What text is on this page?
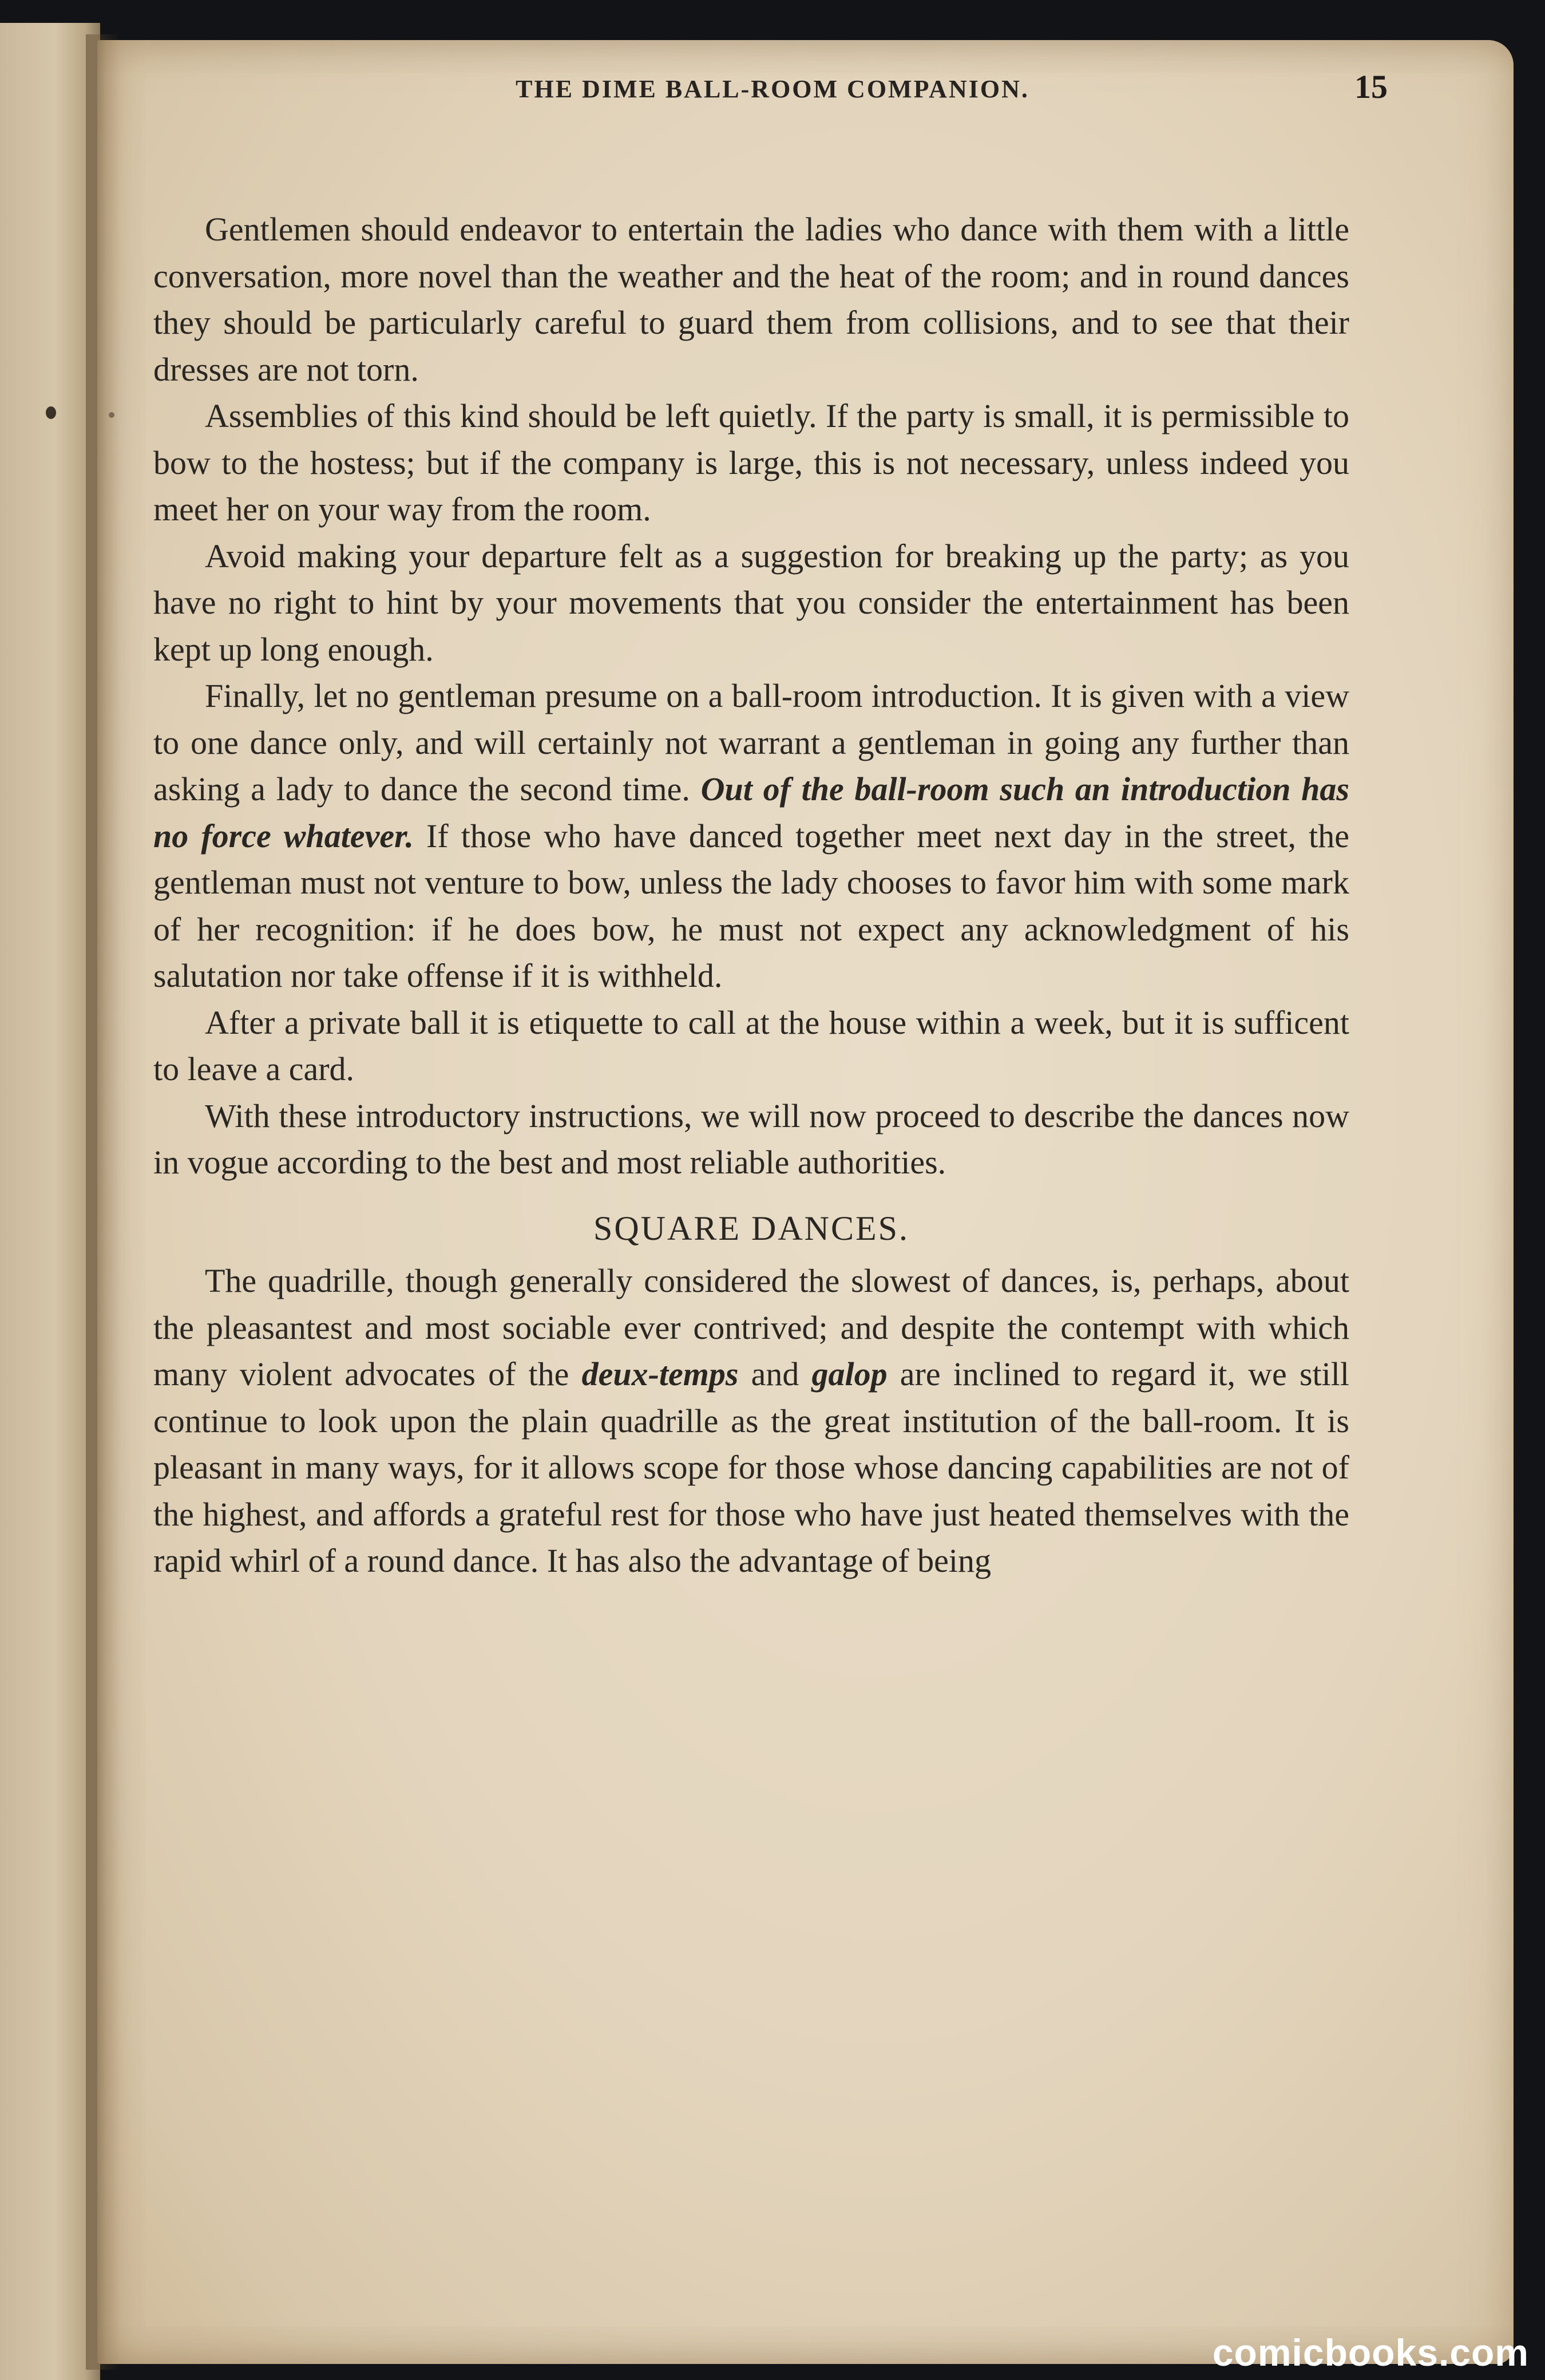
THE DIME BALL-ROOM COMPANION.	15

Gentlemen should endeavor to entertain the ladies who dance with them with a little conversation, more novel than the weather and the heat of the room; and in round dances they should be particularly careful to guard them from collisions, and to see that their dresses are not torn.

Assemblies of this kind should be left quietly. If the party is small, it is permissible to bow to the hostess; but if the company is large, this is not necessary, unless indeed you meet her on your way from the room.

Avoid making your departure felt as a suggestion for breaking up the party; as you have no right to hint by your movements that you consider the entertainment has been kept up long enough.

Finally, let no gentleman presume on a ball-room introduction. It is given with a view to one dance only, and will certainly not warrant a gentleman in going any further than asking a lady to dance the second time. Out of the ball-room such an introduction has no force whatever. If those who have danced together meet next day in the street, the gentleman must not venture to bow, unless the lady chooses to favor him with some mark of her recognition: if he does bow, he must not expect any acknowledgment of his salutation nor take offense if it is withheld.

After a private ball it is etiquette to call at the house within a week, but it is sufficent to leave a card.

With these introductory instructions, we will now proceed to describe the dances now in vogue according to the best and most reliable authorities.

SQUARE DANCES.

The quadrille, though generally considered the slowest of dances, is, perhaps, about the pleasantest and most sociable ever contrived; and despite the contempt with which many violent advocates of the deux-temps and galop are inclined to regard it, we still continue to look upon the plain quadrille as the great institution of the ball-room. It is pleasant in many ways, for it allows scope for those whose dancing capabilities are not of the highest, and affords a grateful rest for those who have just heated themselves with the rapid whirl of a round dance. It has also the advantage of being

comicbooks.com
